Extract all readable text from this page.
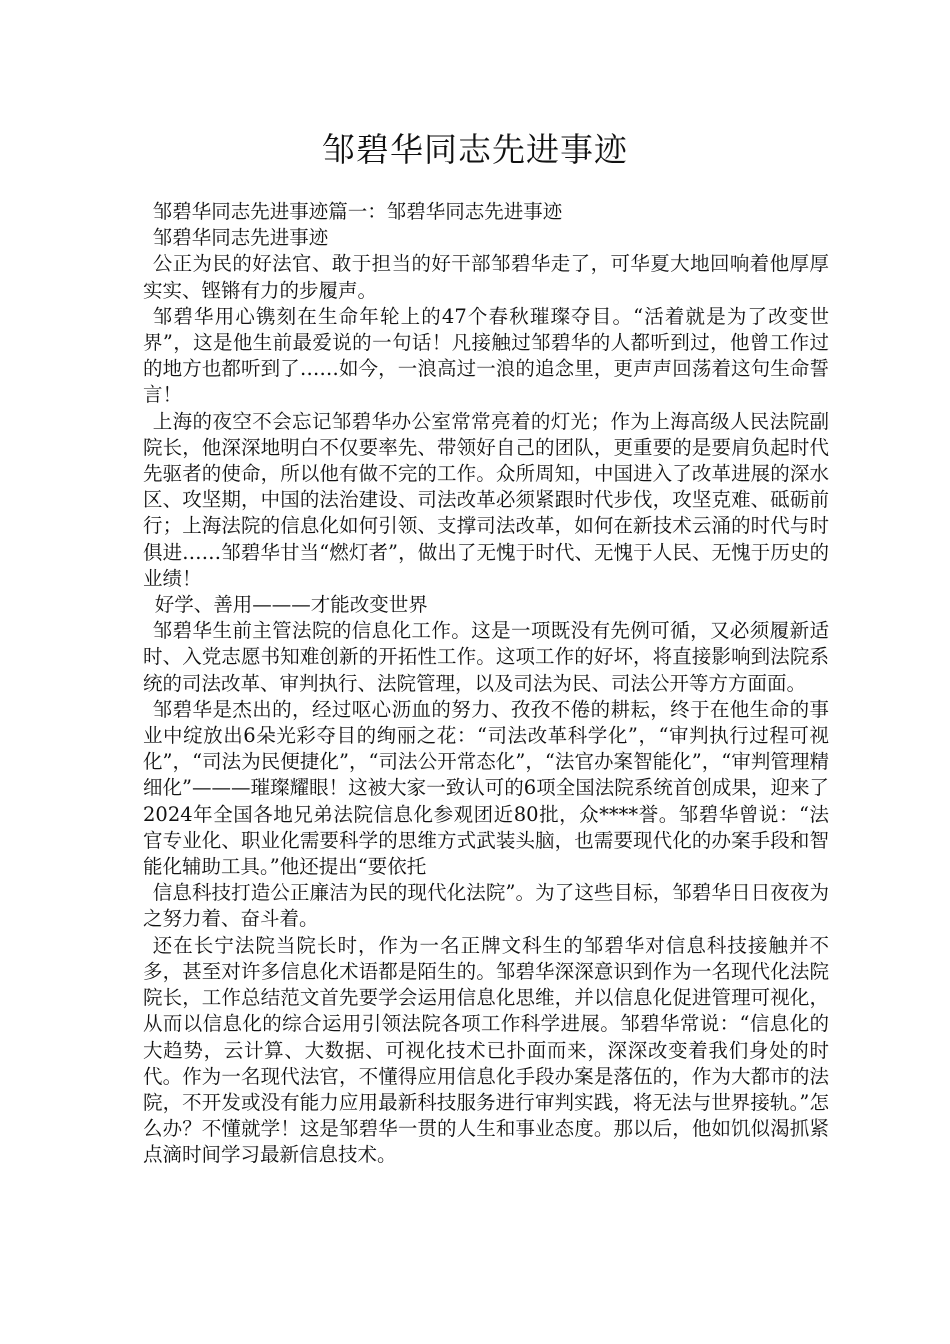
邹碧华同志先进事迹

邹碧华同志先进事迹篇一：邹碧华同志先进事迹

邹碧华同志先进事迹

公正为民的好法官、敢于担当的好干部邹碧华走了，可华夏大地回响着他厚厚实实、铿锵有力的步履声。

邹碧华用心镌刻在生命年轮上的47个春秋璀璨夺目。“活着就是为了改变世界”，这是他生前最爱说的一句话！凡接触过邹碧华的人都听到过，他曾工作过的地方也都听到了……如今，一浪高过一浪的追念里，更声声回荡着这句生命誓言！

上海的夜空不会忘记邹碧华办公室常常亮着的灯光；作为上海高级人民法院副院长，他深深地明白不仅要率先、带领好自己的团队，更重要的是要肩负起时代先驱者的使命，所以他有做不完的工作。众所周知，中国进入了改革进展的深水区、攻坚期，中国的法治建设、司法改革必须紧跟时代步伐，攻坚克难、砥砺前行；上海法院的信息化如何引领、支撑司法改革，如何在新技术云涌的时代与时俱进……邹碧华甘当“燃灯者”，做出了无愧于时代、无愧于人民、无愧于历史的业绩！

好学、善用———才能改变世界

邹碧华生前主管法院的信息化工作。这是一项既没有先例可循，又必须履新适时、入党志愿书知难创新的开拓性工作。这项工作的好坏，将直接影响到法院系统的司法改革、审判执行、法院管理，以及司法为民、司法公开等方方面面。

邹碧华是杰出的，经过呕心沥血的努力、孜孜不倦的耕耘，终于在他生命的事业中绽放出6朵光彩夺目的绚丽之花：“司法改革科学化”，“审判执行过程可视化”，“司法为民便捷化”，“司法公开常态化”，“法官办案智能化”，“审判管理精细化”———璀璨耀眼！这被大家一致认可的6项全国法院系统首创成果，迎来了2024年全国各地兄弟法院信息化参观团近80批，众****誉。邹碧华曾说：“法官专业化、职业化需要科学的思维方式武装头脑，也需要现代化的办案手段和智能化辅助工具。”他还提出“要依托

信息科技打造公正廉洁为民的现代化法院”。为了这些目标，邹碧华日日夜夜为之努力着、奋斗着。

还在长宁法院当院长时，作为一名正牌文科生的邹碧华对信息科技接触并不多，甚至对许多信息化术语都是陌生的。邹碧华深深意识到作为一名现代化法院院长，工作总结范文首先要学会运用信息化思维，并以信息化促进管理可视化，从而以信息化的综合运用引领法院各项工作科学进展。邹碧华常说：“信息化的大趋势，云计算、大数据、可视化技术已扑面而来，深深改变着我们身处的时代。作为一名现代法官，不懂得应用信息化手段办案是落伍的，作为大都市的法院，不开发或没有能力应用最新科技服务进行审判实践，将无法与世界接轨。”怎么办？不懂就学！这是邹碧华一贯的人生和事业态度。那以后，他如饥似渴抓紧点滴时间学习最新信息技术。
